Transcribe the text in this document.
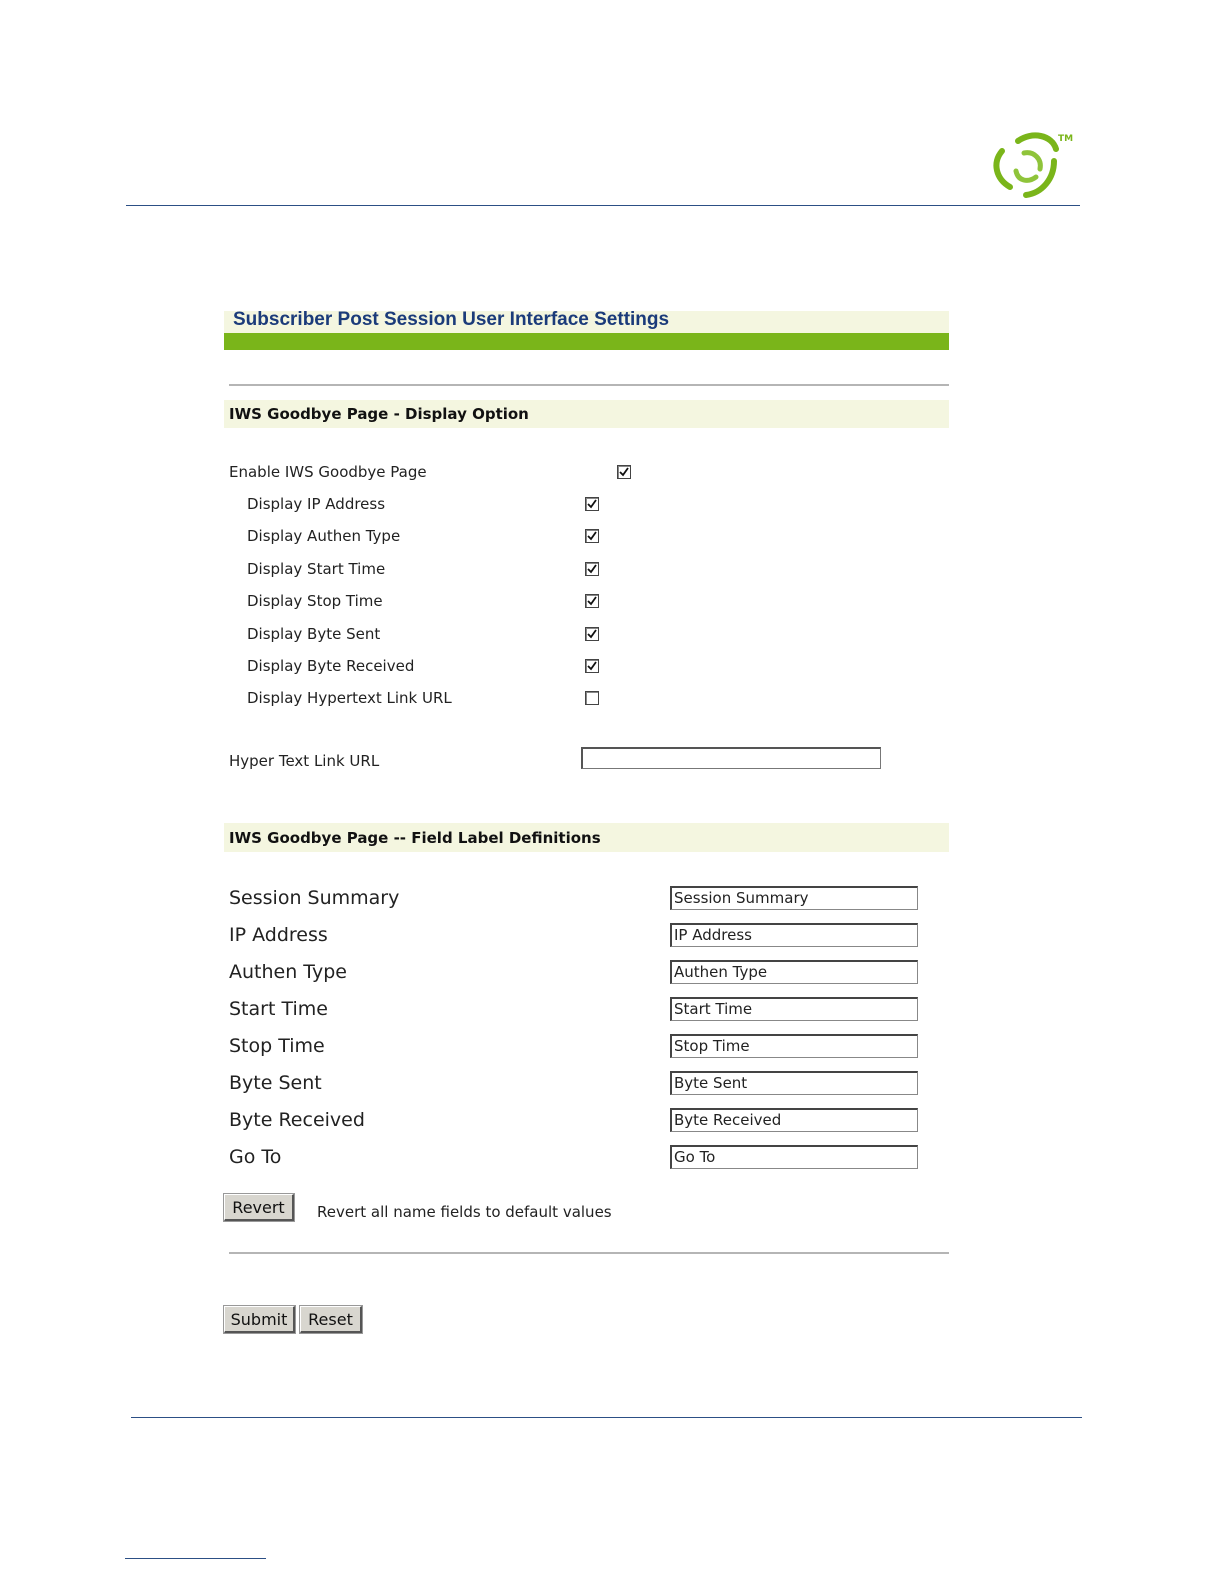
TM
Subscriber Post Session User Interface Settings
IWS Goodbye Page - Display Option
Enable IWS Goodbye Page
Display IP Address
Display Authen Type
Display Start Time
Display Stop Time
Display Byte Sent
Display Byte Received
Display Hypertext Link URL
Hyper Text Link URL
IWS Goodbye Page -- Field Label Definitions
Session Summary	Session Summary
IP Address	IP Address
Authen Type	Authen Type
Start Time	Start Time
Stop Time	Stop Time
Byte Sent	Byte Sent
Byte Received	Byte Received
Go To	Go To
Revert	Revert all name fields to default values
Submit	Reset
